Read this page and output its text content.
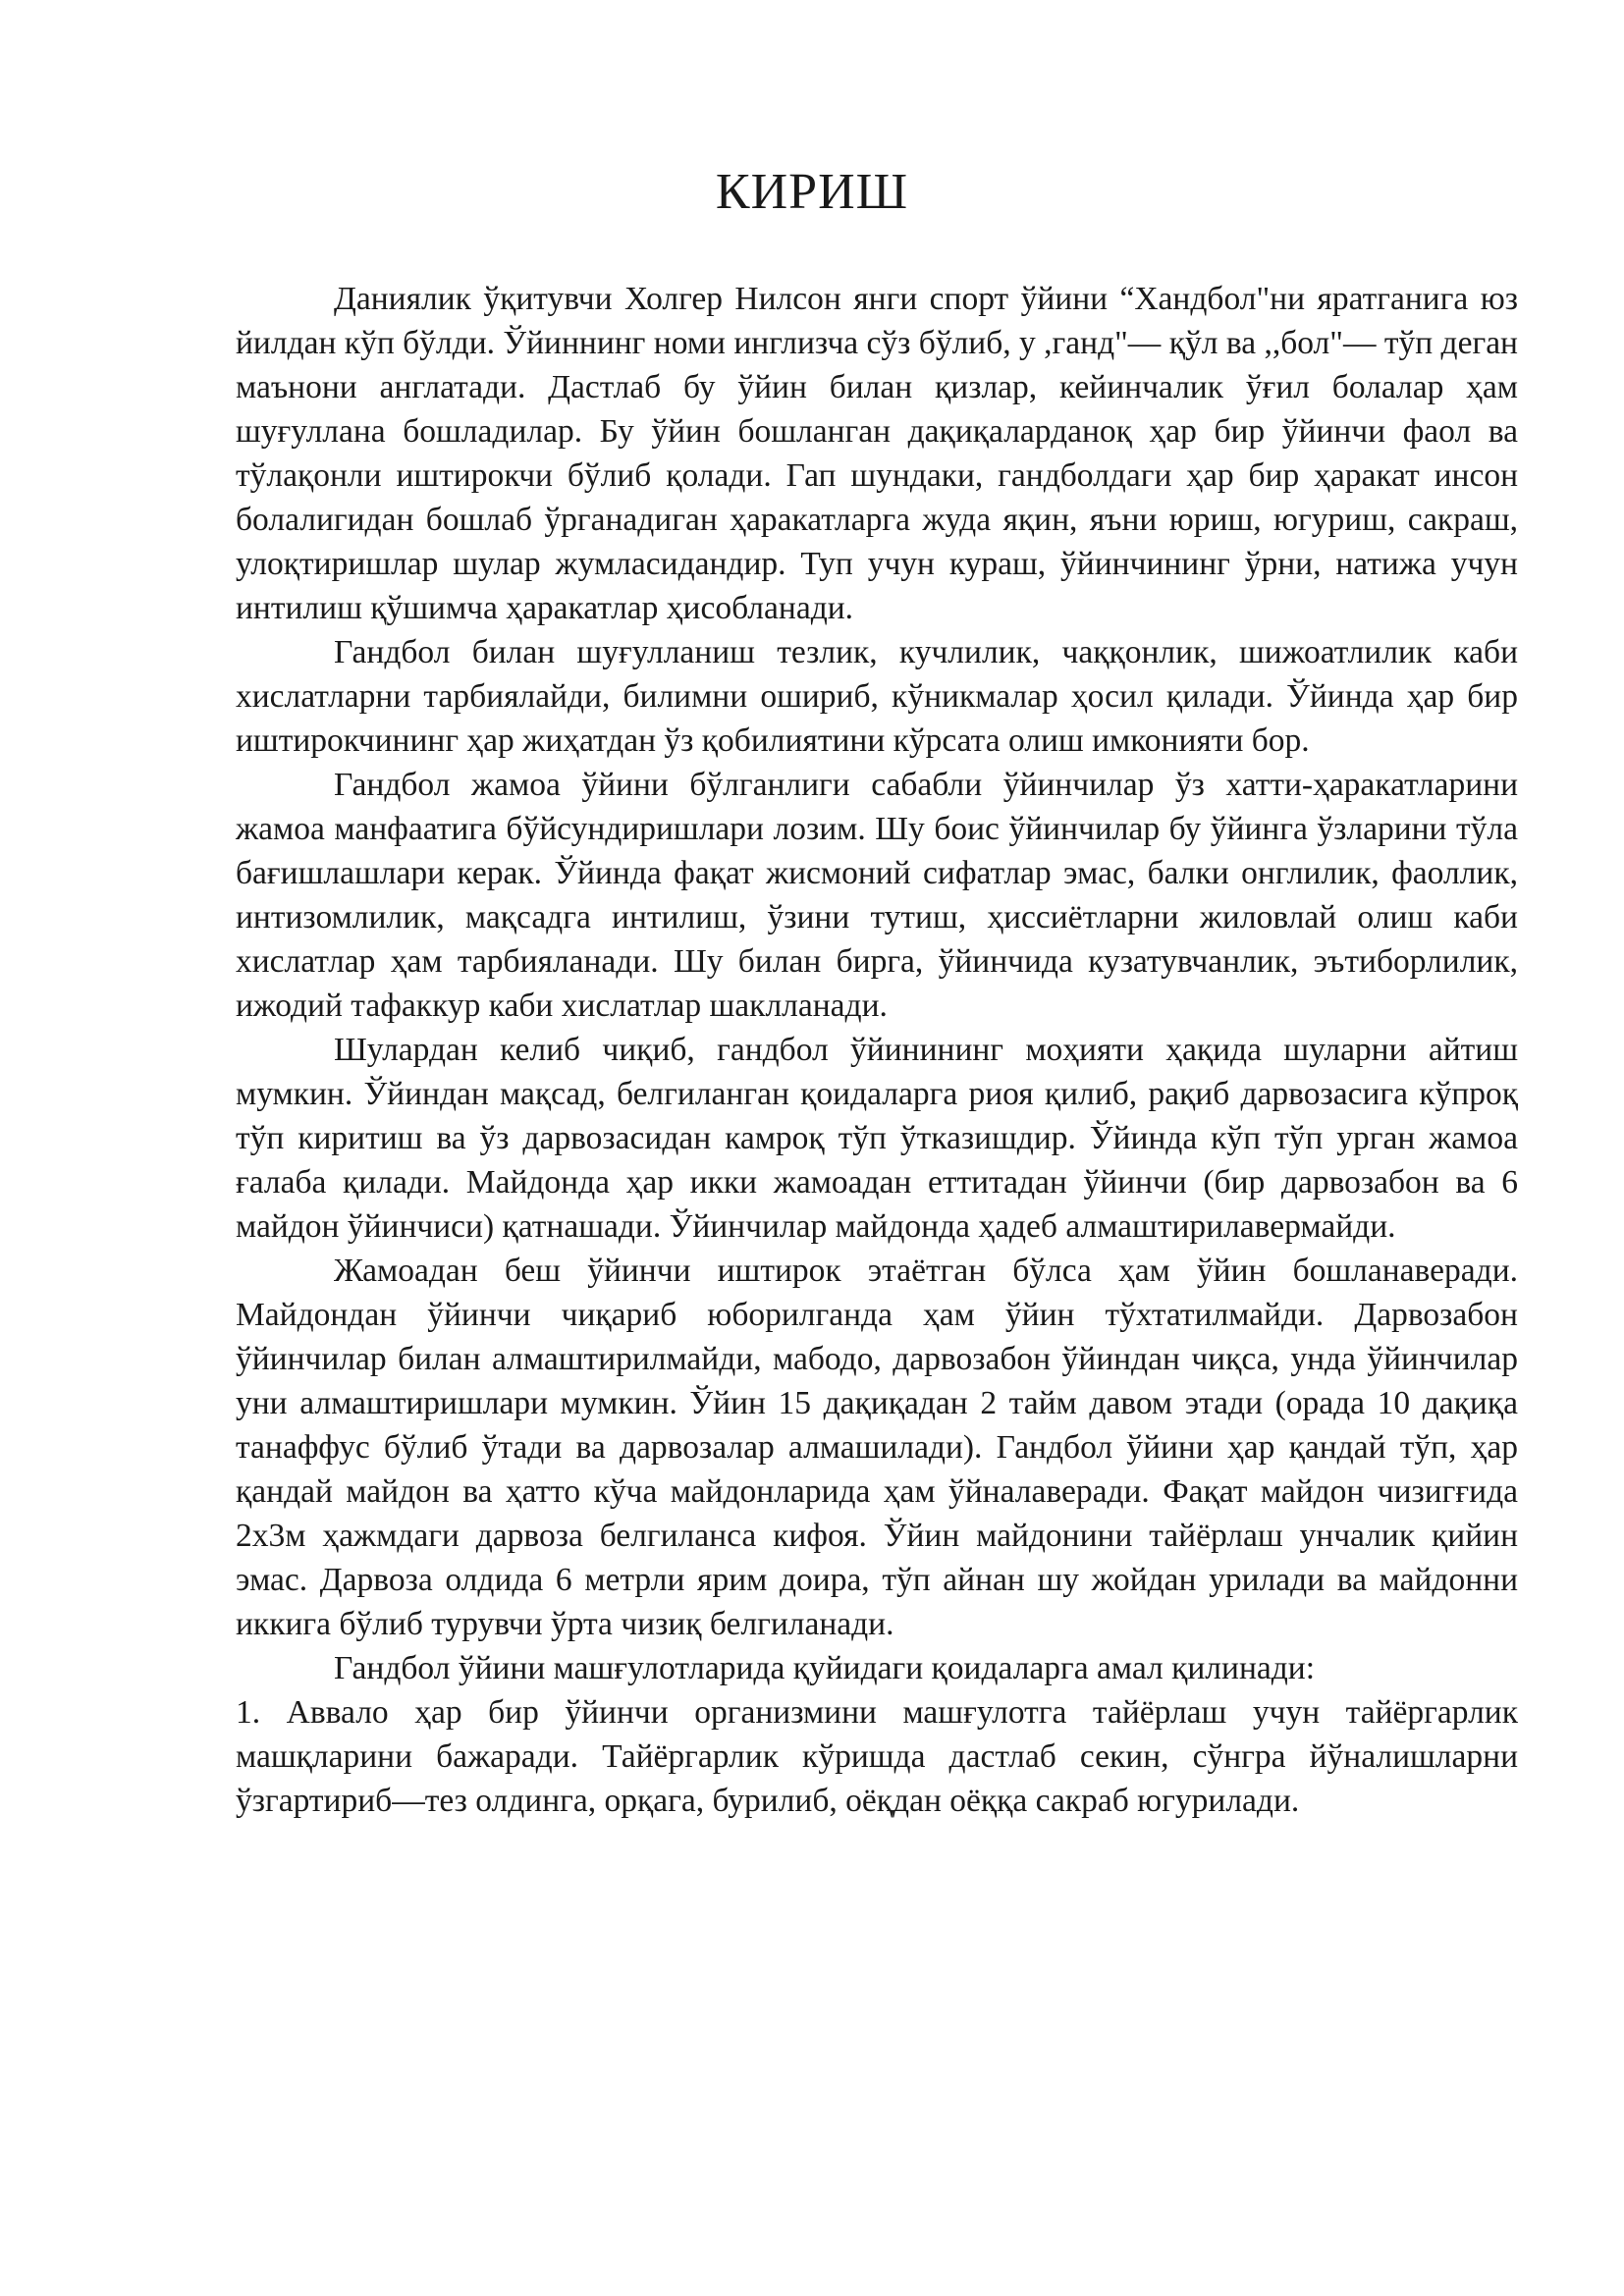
КИРИШ

Даниялик ўқитувчи Холгер Нилсон янги спорт ўйини “Хандбол"ни яратганига юз йилдан кўп бўлди. Ўйиннинг номи инглизча сўз бўлиб, у ,ганд"— қўл ва ,,бол"— тўп деган маънони англатади. Дастлаб бу ўйин билан қизлар, кейинчалик ўғил болалар ҳам шуғуллана бошладилар. Бу ўйин бошланган дақиқаларданоқ ҳар бир ўйинчи фаол ва тўлақонли иштирокчи бўлиб қолади. Гап шундаки, гандболдаги ҳар бир ҳаракат инсон болалигидан бошлаб ўрганадиган ҳаракатларга жуда яқин, яъни юриш, югуриш, сакраш, улоқтиришлар шулар жумласидандир. Туп учун кураш, ўйинчининг ўрни, натижа учун интилиш қўшимча ҳаракатлар ҳисобланади.

Гандбол билан шуғулланиш тезлик, кучлилик, чаққонлик, шижоатлилик каби хислатларни тарбиялайди, билимни ошириб, кўникмалар ҳосил қилади. Ўйинда ҳар бир иштирокчининг ҳар жиҳатдан ўз қобилиятини кўрсата олиш имконияти бор.

Гандбол жамоа ўйини бўлганлиги сабабли ўйинчилар ўз хатти-ҳаракатларини жамоа манфаатига бўйсундиришлари лозим. Шу боис ўйинчилар бу ўйинга ўзларини тўла бағишлашлари керак. Ўйинда фақат жисмоний сифатлар эмас, балки онглилик, фаоллик, интизомлилик, мақсадга интилиш, ўзини тутиш, ҳиссиётларни жиловлай олиш каби хислатлар ҳам тарбияланади. Шу билан бирга, ўйинчида кузатувчанлик, эътиборлилик, ижодий тафаккур каби хислатлар шаклланади.

Шулардан келиб чиқиб, гандбол ўйинининг моҳияти ҳақида шуларни айтиш мумкин. Ўйиндан мақсад, белгиланган қоидаларга риоя қилиб, рақиб дарвозасига кўпроқ тўп киритиш ва ўз дарвозасидан камроқ тўп ўтказишдир. Ўйинда кўп тўп урган жамоа ғалаба қилади. Майдонда ҳар икки жамоадан еттитадан ўйинчи (бир дарвозабон ва 6 майдон ўйинчиси) қатнашади. Ўйинчилар майдонда ҳадеб алмаштирилавермайди.

Жамоадан беш ўйинчи иштирок этаётган бўлса ҳам ўйин бошланаверади. Майдондан ўйинчи чиқариб юборилганда ҳам ўйин тўхтатилмайди. Дарвозабон ўйинчилар билан алмаштирилмайди, мабодо, дарвозабон ўйиндан чиқса, унда ўйинчилар уни алмаштиришлари мумкин. Ўйин 15 дақиқадан 2 тайм давом этади (орада 10 дақиқа танаффус бўлиб ўтади ва дарвозалар алмашилади). Гандбол ўйини ҳар қандай тўп, ҳар қандай майдон ва ҳатто кўча майдонларида ҳам ўйналаверади. Фақат майдон чизигғида 2х3м ҳажмдаги дарвоза белгиланса кифоя. Ўйин майдонини тайёрлаш унчалик қийин эмас. Дарвоза олдида 6 метрли ярим доира, тўп айнан шу жойдан урилади ва майдонни иккига бўлиб турувчи ўрта чизиқ белгиланади.

Гандбол ўйини машғулотларида қуйидаги қоидаларга амал қилинади:

1. Аввало ҳар бир ўйинчи организмини машғулотга тайёрлаш учун тайёргарлик машқларини бажаради. Тайёргарлик кўришда дастлаб секин, сўнгра йўналишларни ўзгартириб—тез олдинга, орқага, бурилиб, оёқдан оёққа сакраб югурилади.
